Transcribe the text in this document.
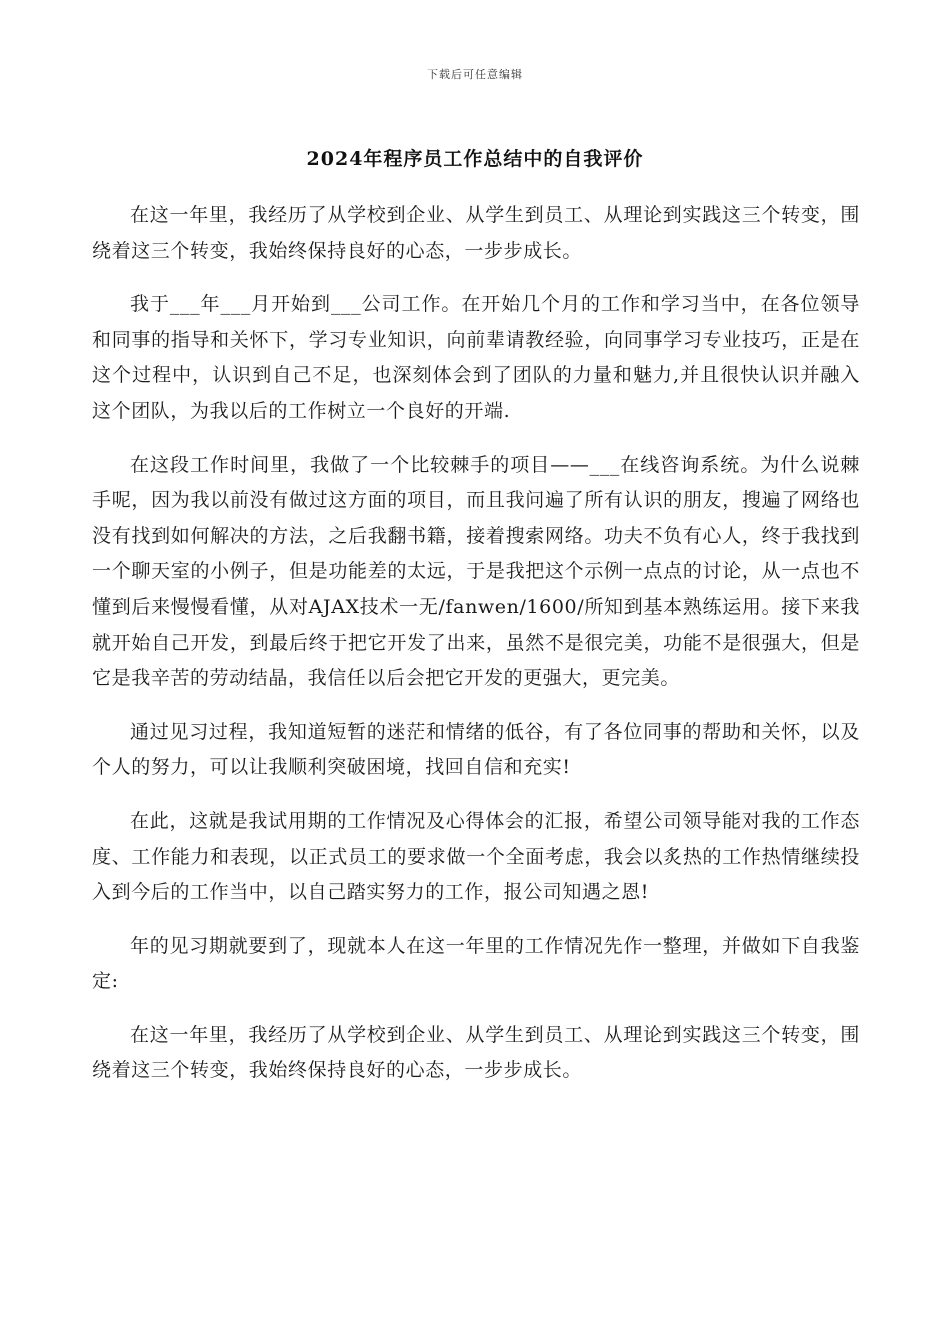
下载后可任意编辑
2024年程序员工作总结中的自我评价

在这一年里，我经历了从学校到企业、从学生到员工、从理论到实践这三个转变，围绕着这三个转变，我始终保持良好的心态，一步步成长。

我于___年___月开始到___公司工作。在开始几个月的工作和学习当中，在各位领导和同事的指导和关怀下，学习专业知识，向前辈请教经验，向同事学习专业技巧，正是在这个过程中，认识到自己不足，也深刻体会到了团队的力量和魅力,并且很快认识并融入这个团队，为我以后的工作树立一个良好的开端.

在这段工作时间里，我做了一个比较棘手的项目——___在线咨询系统。为什么说棘手呢，因为我以前没有做过这方面的项目，而且我问遍了所有认识的朋友，搜遍了网络也没有找到如何解决的方法，之后我翻书籍，接着搜索网络。功夫不负有心人，终于我找到一个聊天室的小例子，但是功能差的太远，于是我把这个示例一点点的讨论，从一点也不懂到后来慢慢看懂，从对AJAX技术一无/fanwen/1600/所知到基本熟练运用。接下来我就开始自己开发，到最后终于把它开发了出来，虽然不是很完美，功能不是很强大，但是它是我辛苦的劳动结晶，我信任以后会把它开发的更强大，更完美。

通过见习过程，我知道短暂的迷茫和情绪的低谷，有了各位同事的帮助和关怀，以及个人的努力，可以让我顺利突破困境，找回自信和充实!

在此，这就是我试用期的工作情况及心得体会的汇报，希望公司领导能对我的工作态度、工作能力和表现，以正式员工的要求做一个全面考虑，我会以炙热的工作热情继续投入到今后的工作当中，以自己踏实努力的工作，报公司知遇之恩!

年的见习期就要到了，现就本人在这一年里的工作情况先作一整理，并做如下自我鉴定:

在这一年里，我经历了从学校到企业、从学生到员工、从理论到实践这三个转变，围绕着这三个转变，我始终保持良好的心态，一步步成长。
